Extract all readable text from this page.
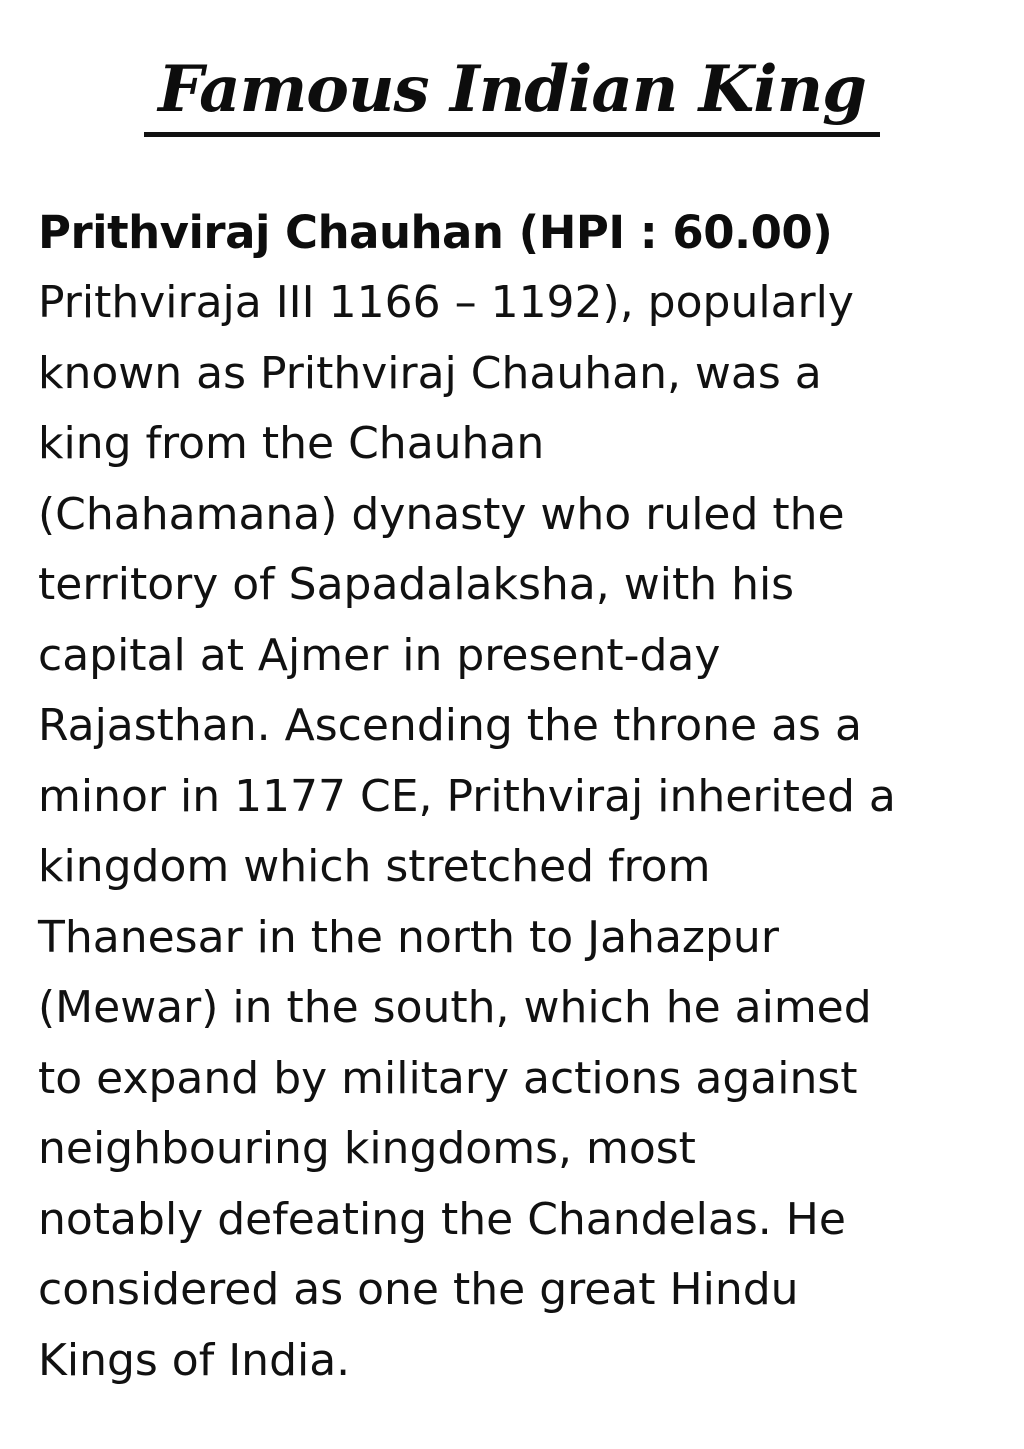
Famous Indian King

Prithviraj Chauhan (HPI : 60.00)

Prithviraja III 1166 – 1192), popularly
known as Prithviraj Chauhan, was a
king from the Chauhan
(Chahamana) dynasty who ruled the
territory of Sapadalaksha, with his
capital at Ajmer in present-day
Rajasthan. Ascending the throne as a
minor in 1177 CE, Prithviraj inherited a
kingdom which stretched from
Thanesar in the north to Jahazpur
(Mewar) in the south, which he aimed
to expand by military actions against
neighbouring kingdoms, most
notably defeating the Chandelas. He
considered as one the great Hindu
Kings of India.
